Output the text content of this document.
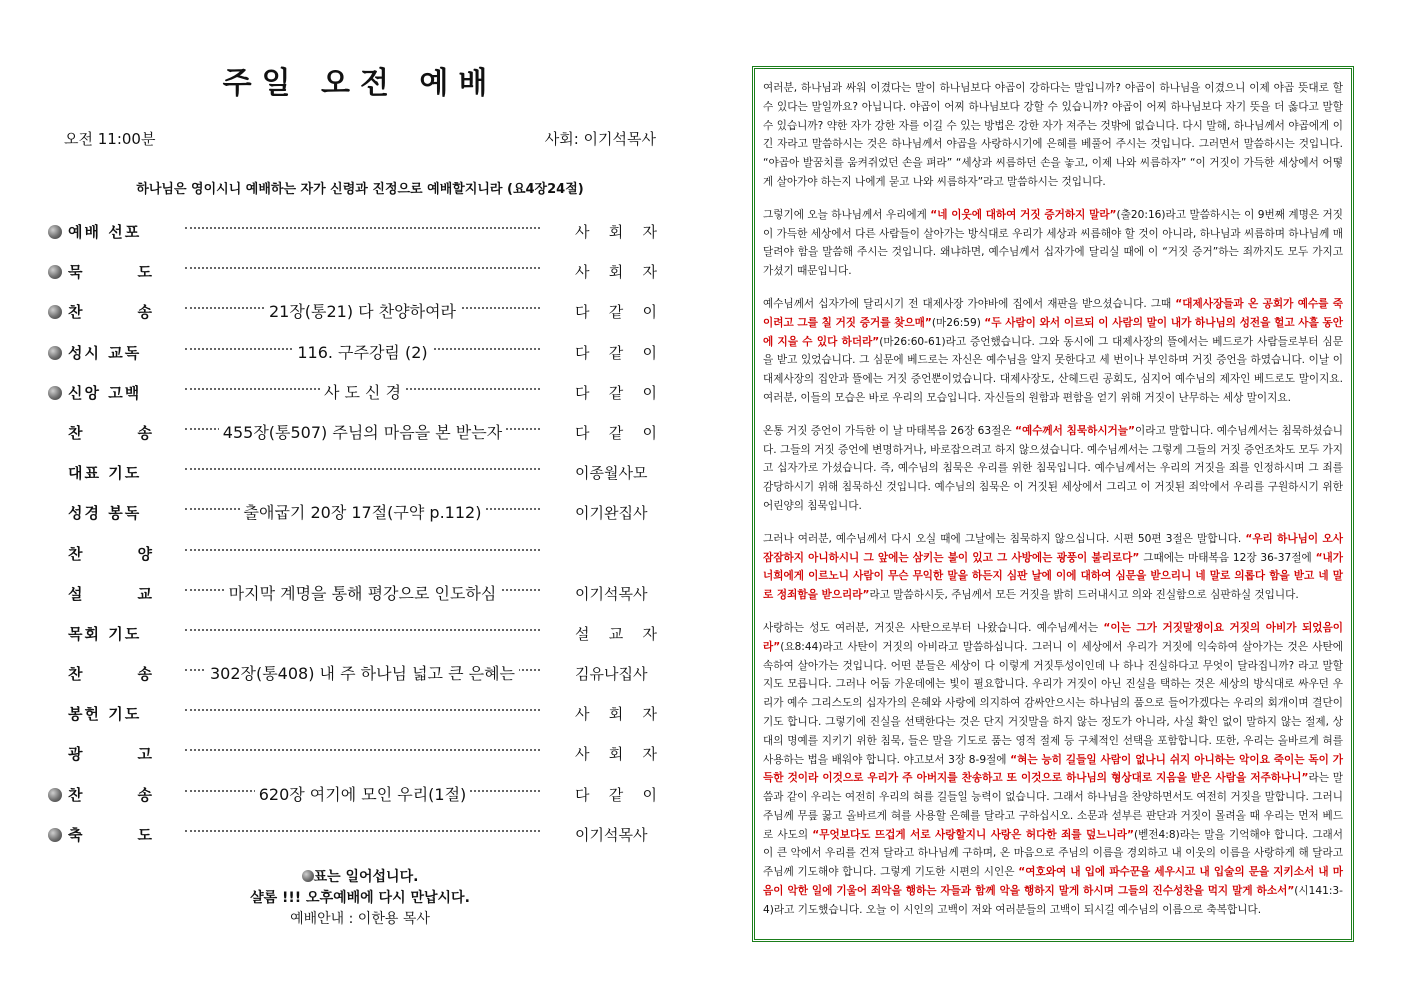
주일 오전 예배
오전 11:00분	사회: 이기석목사
하나님은 영이시니 예배하는 자가 신령과 진정으로 예배할지니라 (요4장24절)
예배 선포	사 회 자
묵	도	사 회 자
찬	송	21장(통21) 다 찬양하여라	다 같 이
성시 교독	116. 구주강림 (2)	다 같 이
신앙 고백	사 도 신 경	다 같 이
찬	송	455장(통507) 주님의 마음을 본 받는자	다 같 이
대표 기도	이종월사모
성경 봉독	출애굽기 20장 17절(구약 p.112)	이기완집사
찬	양
설	교	마지막 계명을 통해 평강으로 인도하심	이기석목사
목회 기도	설 교 자
찬	송	302장(통408) 내 주 하나님 넓고 큰 은혜는	김유나집사
봉헌 기도	사 회 자
광	고	사 회 자
찬	송	620장 여기에 모인 우리(1절)	다 같 이
축	도	이기석목사
표는 일어섭니다.
샬롬 !!! 오후예배에 다시 만납시다.
예배안내 : 이한용 목사

여러분, 하나님과 싸워 이겼다는 말이 하나님보다 야곱이 강하다는 말입니까? 야곱이 하나님을 이겼으니 이제 야곱 뜻대로 할 수 있다는 말일까요? 아닙니다. 야곱이 어찌 하나님보다 강할 수 있습니까? 야곱이 어찌 하나님보다 자기 뜻을 더 옳다고 말할 수 있습니까? 약한 자가 강한 자를 이길 수 있는 방법은 강한 자가 져주는 것밖에 없습니다. 다시 말해, 하나님께서 야곱에게 이긴 자라고 말씀하시는 것은 하나님께서 야곱을 사랑하시기에 은혜를 베풀어 주시는 것입니다. 그러면서 말씀하시는 것입니다. “야곱아 발꿈치를 움켜쥐었던 손을 펴라” “세상과 씨름하던 손을 놓고, 이제 나와 씨름하자” “이 거짓이 가득한 세상에서 어떻게 살아가야 하는지 나에게 묻고 나와 씨름하자”라고 말씀하시는 것입니다.

그렇기에 오늘 하나님께서 우리에게 “네 이웃에 대하여 거짓 증거하지 말라”(출20:16)라고 말씀하시는 이 9번째 계명은 거짓이 가득한 세상에서 다른 사람들이 살아가는 방식대로 우리가 세상과 씨름해야 할 것이 아니라, 하나님과 씨름하며 하나님께 매달려야 함을 말씀해 주시는 것입니다. 왜냐하면, 예수님께서 십자가에 달리실 때에 이 “거짓 증거”하는 죄까지도 모두 가지고 가셨기 때문입니다.

예수님께서 십자가에 달리시기 전 대제사장 가야바에 집에서 재판을 받으셨습니다. 그때 “대제사장들과 온 공회가 예수를 죽이려고 그를 칠 거짓 증거를 찾으매”(마26:59) “두 사람이 와서 이르되 이 사람의 말이 내가 하나님의 성전을 헐고 사흘 동안에 지을 수 있다 하더라”(마26:60-61)라고 증언했습니다. 그와 동시에 그 대제사장의 뜰에서는 베드로가 사람들로부터 심문을 받고 있었습니다. 그 심문에 베드로는 자신은 예수님을 알지 못한다고 세 번이나 부인하며 거짓 증언을 하였습니다. 이날 이 대제사장의 집안과 뜰에는 거짓 증언뿐이었습니다. 대제사장도, 산헤드린 공회도, 심지어 예수님의 제자인 베드로도 말이지요. 여러분, 이들의 모습은 바로 우리의 모습입니다. 자신들의 원함과 편함을 얻기 위해 거짓이 난무하는 세상 말이지요.

온통 거짓 증언이 가득한 이 날 마태복음 26장 63절은 “예수께서 침묵하시거늘”이라고 말합니다. 예수님께서는 침묵하셨습니다. 그들의 거짓 증언에 변명하거나, 바로잡으려고 하지 않으셨습니다. 예수님께서는 그렇게 그들의 거짓 증언조차도 모두 가지고 십자가로 가셨습니다. 즉, 예수님의 침묵은 우리를 위한 침묵입니다. 예수님께서는 우리의 거짓을 죄를 인정하시며 그 죄를 감당하시기 위해 침묵하신 것입니다. 예수님의 침묵은 이 거짓된 세상에서 그리고 이 거짓된 죄악에서 우리를 구원하시기 위한 어린양의 침묵입니다.

그러나 여러분, 예수님께서 다시 오실 때에 그날에는 침묵하지 않으십니다. 시편 50편 3절은 말합니다. “우리 하나님이 오사 잠잠하지 아니하시니 그 앞에는 삼키는 불이 있고 그 사방에는 광풍이 불리로다” 그때에는 마태복음 12장 36-37절에 “내가 너희에게 이르노니 사람이 무슨 무익한 말을 하든지 심판 날에 이에 대하여 심문을 받으리니 네 말로 의롭다 함을 받고 네 말로 정죄함을 받으리라”라고 말씀하시듯, 주님께서 모든 거짓을 밝히 드러내시고 의와 진실함으로 심판하실 것입니다.

사랑하는 성도 여러분, 거짓은 사탄으로부터 나왔습니다. 예수님께서는 “이는 그가 거짓말쟁이요 거짓의 아비가 되었음이라”(요8:44)라고 사탄이 거짓의 아비라고 말씀하십니다. 그러니 이 세상에서 우리가 거짓에 익숙하여 살아가는 것은 사탄에 속하여 살아가는 것입니다. 어떤 분들은 세상이 다 이렇게 거짓투성이인데 나 하나 진실하다고 무엇이 달라집니까? 라고 말할지도 모릅니다. 그러나 어둠 가운데에는 빛이 필요합니다. 우리가 거짓이 아닌 진실을 택하는 것은 세상의 방식대로 싸우던 우리가 예수 그리스도의 십자가의 은혜와 사랑에 의지하여 감싸안으시는 하나님의 품으로 들어가겠다는 우리의 회개이며 결단이기도 합니다. 그렇기에 진실을 선택한다는 것은 단지 거짓말을 하지 않는 정도가 아니라, 사실 확인 없이 말하지 않는 절제, 상대의 명예를 지키기 위한 침묵, 들은 말을 기도로 품는 영적 절제 등 구체적인 선택을 포함합니다. 또한, 우리는 올바르게 혀를 사용하는 법을 배워야 합니다. 야고보서 3장 8-9절에 “혀는 능히 길들일 사람이 없나니 쉬지 아니하는 악이요 죽이는 독이 가득한 것이라 이것으로 우리가 주 아버지를 찬송하고 또 이것으로 하나님의 형상대로 지음을 받은 사람을 저주하나니”라는 말씀과 같이 우리는 여전히 우리의 혀를 길들일 능력이 없습니다. 그래서 하나님을 찬양하면서도 여전히 거짓을 말합니다. 그러니 주님께 무릎 꿇고 올바르게 혀를 사용할 은혜를 달라고 구하십시오. 소문과 섣부른 판단과 거짓이 몰려올 때 우리는 먼저 베드로 사도의 “무엇보다도 뜨겁게 서로 사랑할지니 사랑은 허다한 죄를 덮느니라”(벧전4:8)라는 말을 기억해야 합니다. 그래서 이 큰 악에서 우리를 건져 달라고 하나님께 구하며, 온 마음으로 주님의 이름을 경외하고 내 이웃의 이름을 사랑하게 해 달라고 주님께 기도해야 합니다. 그렇게 기도한 시편의 시인은 “여호와여 내 입에 파수꾼을 세우시고 내 입술의 문을 지키소서 내 마음이 악한 일에 기울어 죄악을 행하는 자들과 함께 악을 행하지 말게 하시며 그들의 진수성찬을 먹지 말게 하소서”(시141:3-4)라고 기도했습니다. 오늘 이 시인의 고백이 저와 여러분들의 고백이 되시길 예수님의 이름으로 축복합니다.
